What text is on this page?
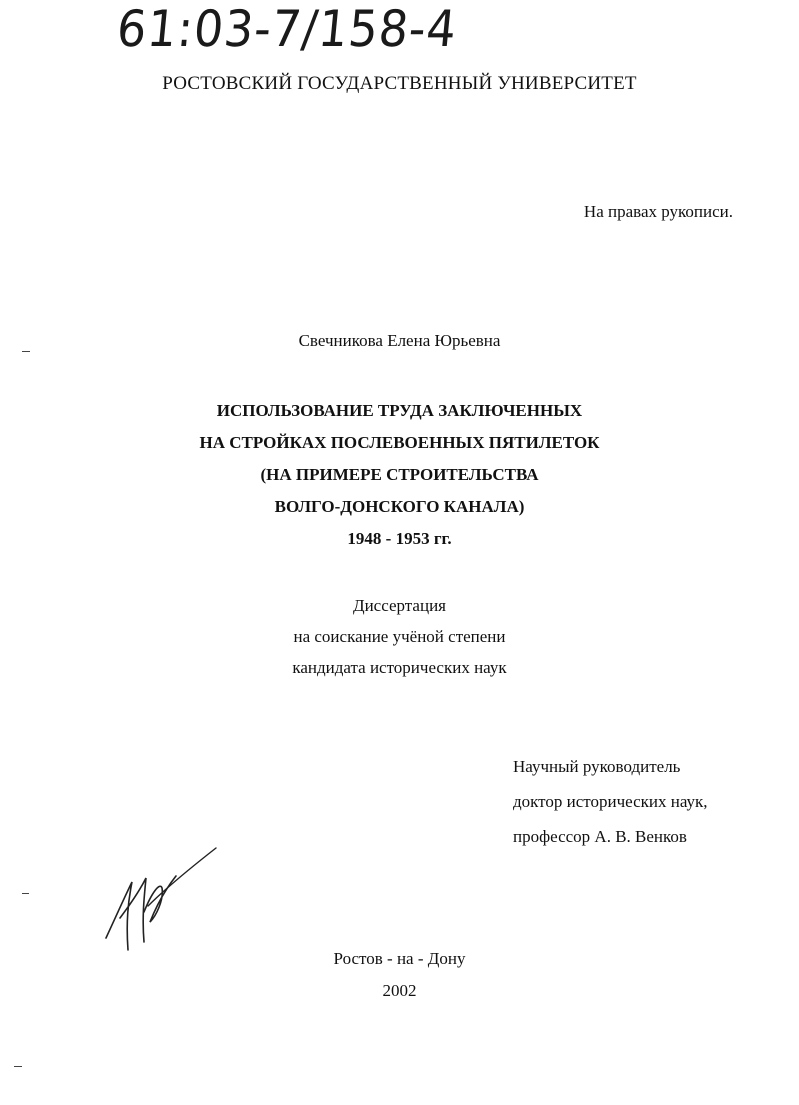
61:03-7/158-4
РОСТОВСКИЙ ГОСУДАРСТВЕННЫЙ УНИВЕРСИТЕТ
На правах рукописи.
Свечникова Елена Юрьевна
ИСПОЛЬЗОВАНИЕ ТРУДА ЗАКЛЮЧЕННЫХ
НА СТРОЙКАХ ПОСЛЕВОЕННЫХ ПЯТИЛЕТОК
(НА ПРИМЕРЕ СТРОИТЕЛЬСТВА
ВОЛГО-ДОНСКОГО КАНАЛА)
1948 - 1953 гг.
Диссертация
на соискание учёной степени
кандидата исторических наук
Научный руководитель
доктор исторических наук,
профессор А. В. Венков
Ростов - на - Дону
2002
